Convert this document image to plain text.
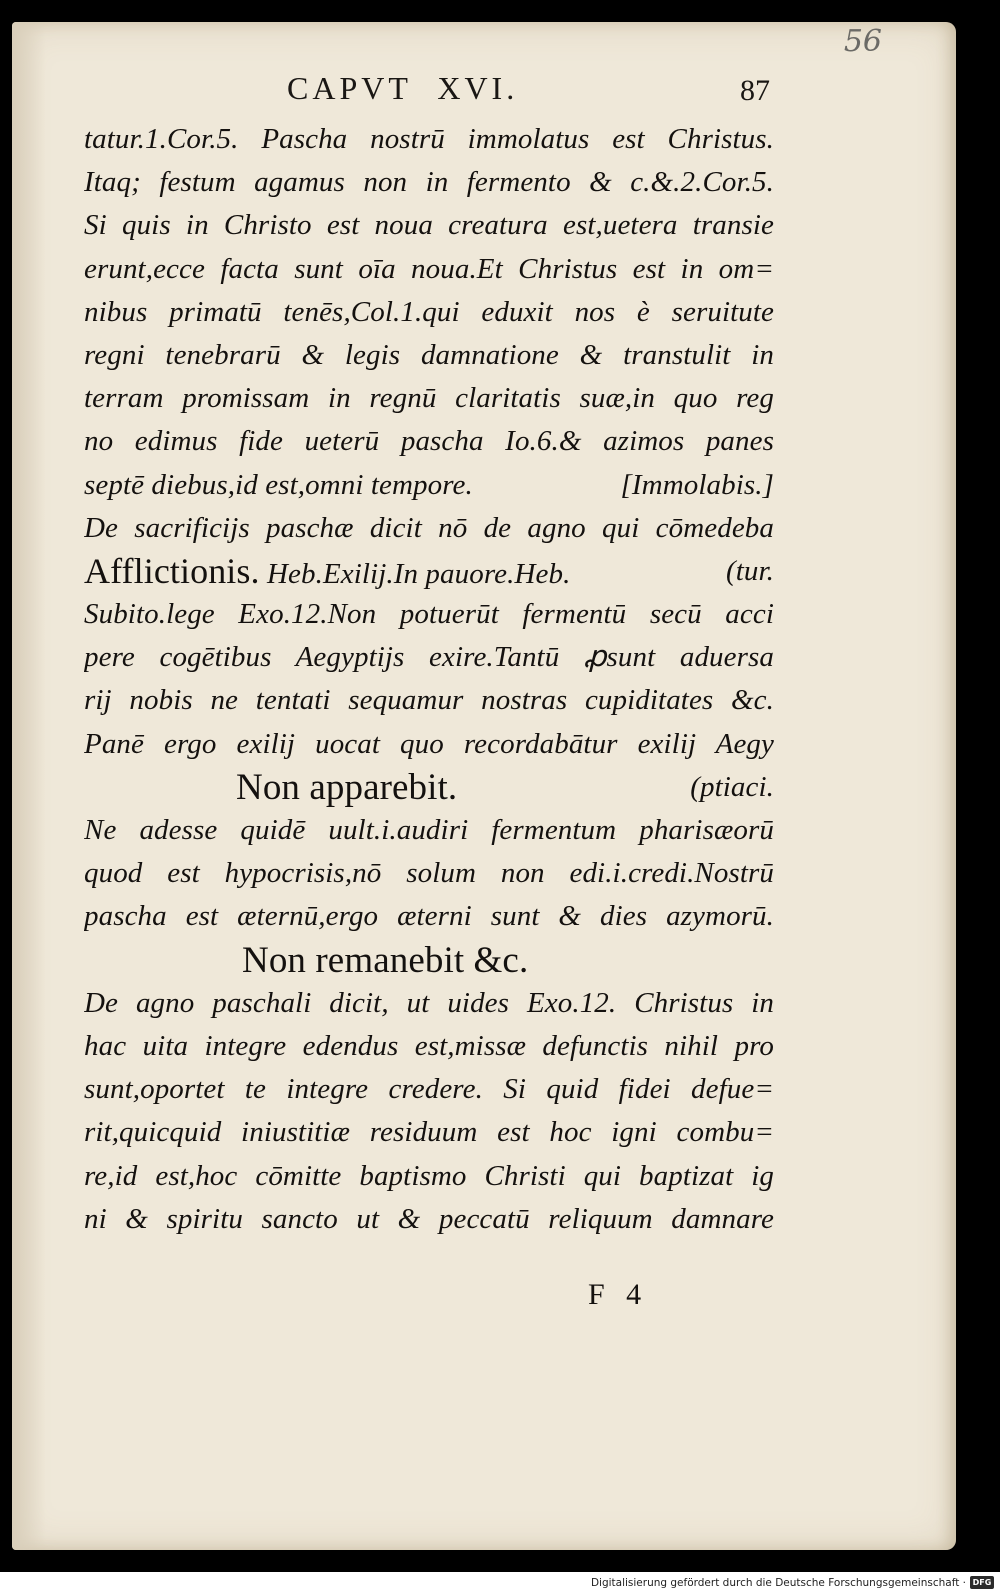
56
CAPVT XVI.	87
tatur.1.Cor.5. Pascha nostrū immolatus est Christus.
Itaq; festum agamus non in fermento & c.&.2.Cor.5.
Si quis in Christo est noua creatura est,uetera transie
erunt,ecce facta sunt oīa noua.Et Christus est in om=
nibus primatū tenēs,Col.1.qui eduxit nos è seruitute
regni tenebrarū & legis damnatione & transtulit in
terram promissam in regnū claritatis suæ,in quo reg
no edimus fide ueterū pascha Io.6.& azimos panes
septē diebus,id est,omni tempore.	[Immolabis.]
De sacrificijs paschæ dicit nō de agno qui cōmedeba
Afflictionis. Heb.Exilij.In pauore.Heb.	(tur.
Subito.lege Exo.12.Non potuerūt fermentū secū acci
pere cogētibus Aegyptijs exire.Tantū ꝓsunt aduersa
rij nobis ne tentati sequamur nostras cupiditates &c.
Panē ergo exilij uocat quo recordabātur exilij Aegy
Non apparebit.	(ptiaci.
Ne adesse quidē uult.i.audiri fermentum pharisæorū
quod est hypocrisis,nō solum non edi.i.credi.Nostrū
pascha est æternū,ergo æterni sunt & dies azymorū.
Non remanebit &c.
De agno paschali dicit, ut uides Exo.12. Christus in
hac uita integre edendus est,missæ defunctis nihil pro
sunt,oportet te integre credere. Si quid fidei defue=
rit,quicquid iniustitiæ residuum est hoc igni combu=
re,id est,hoc cōmitte baptismo Christi qui baptizat ig
ni & spiritu sancto ut & peccatū reliquum damnare
F 4
Digitalisierung gefördert durch die Deutsche Forschungsgemeinschaft · DFG
